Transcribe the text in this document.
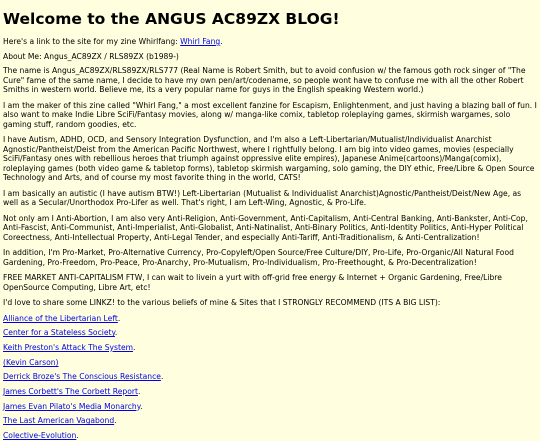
Welcome to the ANGUS AC89ZX BLOG!

Here's a link to the site for my zine Whirlfang: Whirl Fang.

About Me: Angus_AC89ZX / RLS89ZX (b1989-)

The name is Angus_AC89ZX/RLS89ZX/RLS777 (Real Name is Robert Smith, but to avoid confusion w/ the famous goth rock singer of "The Cure" fame of the same name, I decide to have my own pen/art/codename, so people wont have to confuse me with all the other Robert Smiths in western world. Believe me, its a very popular name for guys in the English speaking Western world.)

I am the maker of this zine called "Whirl Fang," a most excellent fanzine for Escapism, Enlightenment, and just having a blazing ball of fun. I also want to make Indie Libre SciFi/Fantasy movies, along w/ manga-like comix, tabletop roleplaying games, skirmish wargames, solo gaming stuff, random goodies, etc.

I have Autism, ADHD, OCD, and Sensory Integration Dysfunction, and I'm also a Left-Libertarian/Mutualist/Individualist Anarchist Agnostic/Pantheist/Deist from the American Pacific Northwest, where I rightfully belong. I am big into video games, movies (especially SciFi/Fantasy ones with rebellious heroes that triumph against oppressive elite empires), Japanese Anime(cartoons)/Manga(comix), roleplaying games (both video game & tabletop forms), tabletop skirmish wargaming, solo gaming, the DIY ethic, Free/Libre & Open Source Technology and Arts, and of course my most favorite thing in the world, CATS!

I am basically an autistic (I have autism BTW!) Left-Libertarian (Mutualist & Individualist Anarchist)Agnostic/Pantheist/Deist/New Age, as well as a Secular/Unorthodox Pro-Lifer as well. That's right, I am Left-Wing, Agnostic, & Pro-Life.

Not only am I Anti-Abortion, I am also very Anti-Religion, Anti-Government, Anti-Capitalism, Anti-Central Banking, Anti-Bankster, Anti-Cop, Anti-Fascist, Anti-Communist, Anti-Imperialist, Anti-Globalist, Anti-Natinalist, Anti-Binary Politics, Anti-Identity Politics, Anti-Hyper Political Coreectness, Anti-Intellectual Property, Anti-Legal Tender, and especially Anti-Tariff, Anti-Traditionalism, & Anti-Centralization!

In addition, I'm Pro-Market, Pro-Alternative Currency, Pro-Copyleft/Open Source/Free Culture/DIY, Pro-Life, Pro-Organic/All Natural Food Gardening, Pro-Freedom, Pro-Peace, Pro-Anarchy, Pro-Mutualism, Pro-Individualism, Pro-Freethought, & Pro-Decentralization!

FREE MARKET ANTI-CAPITALISM FTW, I can wait to livein a yurt with off-grid free energy & Internet + Organic Gardening, Free/Libre OpenSource Computing, Libre Art, etc!

I'd love to share some LINKZ! to the various beliefs of mine & Sites that I STRONGLY RECOMMEND (ITS A BIG LIST):

Alliance of the Libertarian Left.
Center for a Stateless Society.
Keith Preston's Attack The System.
(Kevin Carson)
Derrick Broze's The Conscious Resistance.
James Corbett's The Corbett Report.
James Evan Pilato's Media Monarchy.
The Last American Vagabond.
Colective-Evolution.
